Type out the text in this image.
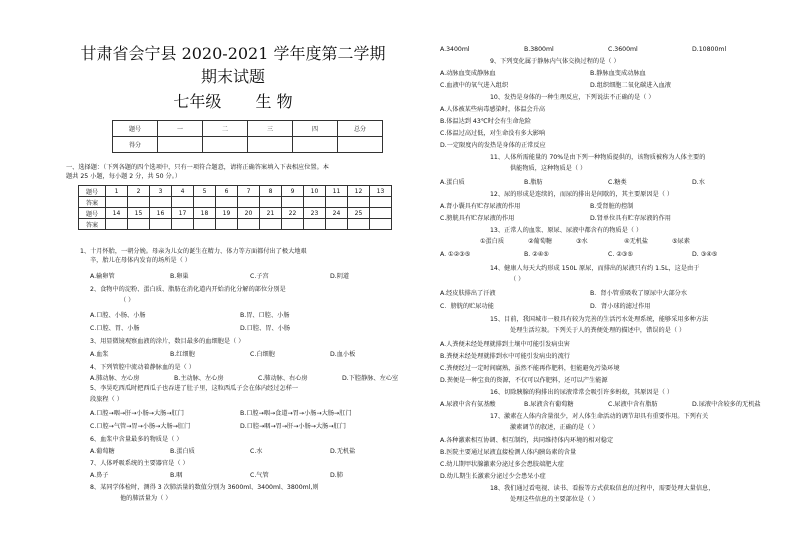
甘肃省会宁县 2020-2021 学年度第二学期
期末试题
七年级 生 物
题号	一	二	三	四	总分
得分					
一、选择题：（下列各题的四个选项中，只有一项符合题意，请将正确答案填入下表相应位置。本
题共 25 小题，每小题 2 分，共 50 分。）
题号	1	2	3	4	5	6	7	8	9	10	11	12	13
答案													
题号	14	15	16	17	18	19	20	21	22	23	24	25	
答案													
1、十月怀胎，一朝分娩。母亲为儿女的诞生在精力、体力等方面都付出了极大地艰
辛，胎儿在母体内发育的场所是（ ）
A.输卵管	B.卵巢	C.子宫	D.阴道
2、食物中的淀粉、蛋白质、脂肪在消化道内开始消化分解的部位分别是
（ ）
A.口腔、小肠、小肠	B.胃、口腔、小肠
C.口腔、胃、小肠	D.口腔、胃、小肠
3、用显微镜观察血液的涂片，数目最多的血细胞是（ ）
A.血浆	B.红细胞	C.白细胞	D.血小板
4、下列管腔中流动着静脉血的是（ ）
A.肺动脉、左心房	B.主动脉、左心房	C.肺动脉、右心房	D.下腔静脉、左心室
5、李昊吃西瓜时把西瓜子也吞进了肚子里，这粒西瓜子会在体内经过怎样一
段旅程（ ）
A.口腔→咽→肝→小肠→大肠→肛门	B.口腔→咽→食道→胃→小肠→大肠→肛门
C.口腔→气管→胃→小肠→大肠→肛门	D.口腔→咽→胃→肝→小肠→大肠→肛门
6、血浆中含量最多的物质是（ ）
A.葡萄糖	B.蛋白质	C.水	D.无机盐
7、人体呼吸系统的主要器官是（ ）
A.鼻子	B.咽	C.气管	D.肺
8、某同学体检时，测得 3 次肺活量的数值分别为 3600ml、3400ml、3800ml,则
他的肺活量为（ ）
A.3400ml	B.3800ml	C.3600ml	D.10800ml
9、下列变化属于静脉内气体交换过程的是（ ）
A.动脉血变成静脉血	B.静脉血变成动脉血
C.血液中的氧气进入组织	D.组织细胞二氧化碳进入血液
10、发热是身体的一种生理反应，下列说法不正确的是（ ）
A.人体被某些病毒感染时，体温会升高
B.体温达到 43℃时会有生命危险
C.体温过高过低，对生命没有多大影响
D.一定限度内的发热是身体的正常反应
11、人体所需能量的 70%是由下列一种物质提供的，该物质被称为人体主要的
供能物质，这种物质是（ ）
A.蛋白质	B.脂肪	C.糖类	D.水
12、尿的形成是连续的，而尿的排出是间歇的，其主要原因是（ ）
A.肾小囊具有贮存尿液的作用	B.受肾脏的控制
C.膀胱具有贮存尿液的作用	D.肾单位具有贮存尿液的作用
13、正常人的血浆、原尿、尿液中都含有的物质是（ ）
①蛋白质	②葡萄糖	③水	④无机盐	⑤尿素
A. ①②③⑤	B. ②④⑤	C. ②③⑤	D. ③④⑤
14、健康人每天大约形成 150L 原尿，而排出的尿液只有约 1.5L，这是由于
（ ）
A.经皮肤排出了汗液	B．肾小管重吸收了原尿中大部分水
C．膀胱的贮尿功能	D．肾小球的滤过作用
15、目前，我国城市一般具有较为完善的生活污水处理系统，能够采用多种方法
处理生活垃圾。下列关于人的粪便处理的描述中，错误的是（ ）
A.人粪便未经处理就排到土壤中可能引发病虫害
B.粪便未经处理就排到水中可能引发病虫的流行
C.粪便经过一定时间腐熟，虽然不能再作肥料，但能避免污染环境
D.粪便是一种宝贵的资源，不仅可以作肥料，还可以产生能源
16、切除胰腺的狗排出的尿液常常会吸引许多蚂蚁，其原因是（ ）
A.尿液中含有氨基酸	B.尿液含有葡萄糖	C.尿液中含有脂肪	D.尿液中含较多的无机盐
17、激素在人体内含量很少，对人体生命活动的调节却具有重要作用。下列有关
激素调节的叙述，正确的是（ ）
A.各种激素相互协调、相互制约，共同维持体内环境的相对稳定
B.医院主要通过尿液直接检测人体内胰岛素的含量
C.幼儿期甲状腺激素分泌过多会患肢端肥大症
D.幼儿期生长激素分泌过少会患呆小症
18、我们通过看电视、读书、看报等方式获取信息的过程中，需要处理大量信息，
处理这些信息的主要部位是（ ）
